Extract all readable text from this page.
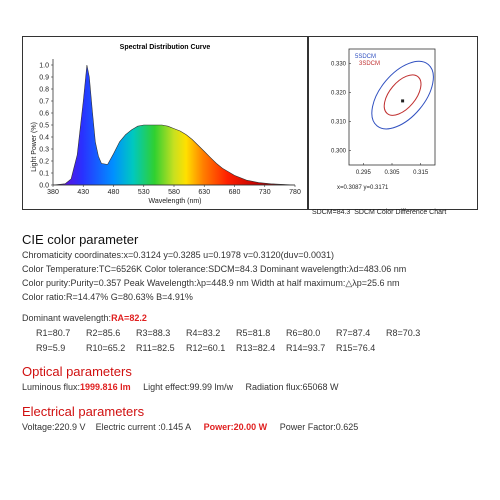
Spectral Distribution Curve
Light Power (%)
Wavelength (nm)
380	430	480	530	580	630	680	730	780
0.0
0.1
0.2
0.3
0.4
0.5
0.6
0.7
0.8
0.9
1.0
0.295 0.305 0.315
0.330
0.320
0.310
0.300
5SDCM
3SDCM
x=0.3087 y=0.3171
SDCM=84.3 SDCM Color Difference Chart
CIE color parameter
Chromaticity coordinates:x=0.3124 y=0.3285 u=0.1978 v=0.3120(duv=0.0031)
Color Temperature:TC=6526K Color tolerance:SDCM=84.3 Dominant wavelength:λd=483.06 nm
Color purity:Purity=0.357 Peak Wavelength:λp=448.9 nm Width at half maximum:△λp=25.6 nm
Color ratio:R=14.47% G=80.63% B=4.91%
Dominant wavelength:RA=82.2
R1=80.7 R2=85.6 R3=88.3 R4=83.2 R5=81.8 R6=80.0 R7=87.4 R8=70.3
R9=5.9 R10=65.2 R11=82.5 R12=60.1 R13=82.4 R14=93.7 R15=76.4
Optical parameters
Luminous flux:1999.816 lm Light effect:99.99 lm/w Radiation flux:65068 W
Electrical parameters
Voltage:220.9 V Electric current :0.145 A Power:20.00 W Power Factor:0.625
